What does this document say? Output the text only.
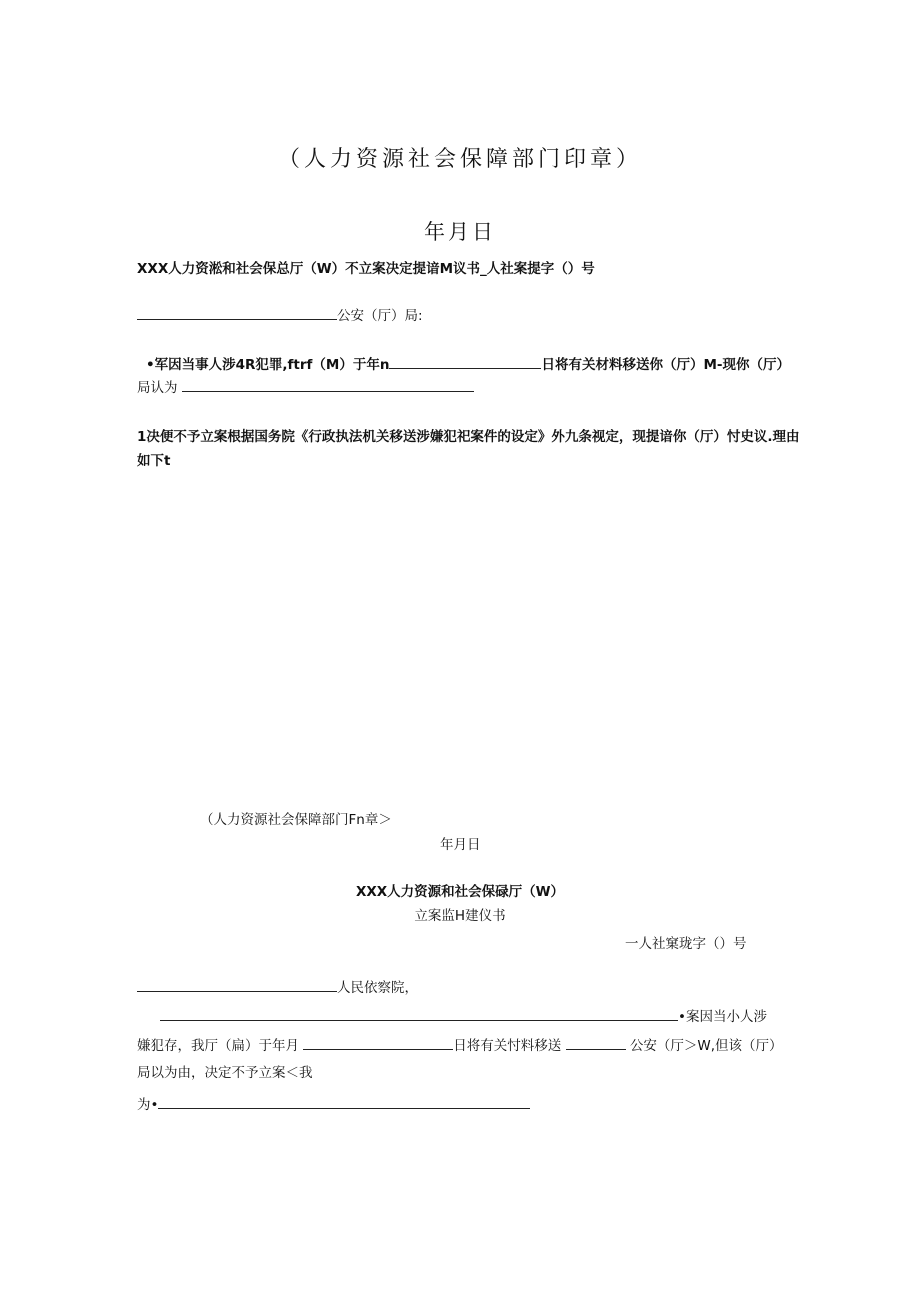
（人力资源社会保障部门印章）
年月日
XXX人力资淞和社会保总厅（W）不立案决定提谙M议书_人社案提字（）号
公安（厅）局:
•军因当事人涉4R犯罪,ftrf（M）于年n	日将有关材料移送你（厅）M-现你（厅）
局认为
1决便不予立案根据国务院《行政执法机关移送涉嫌犯祀案件的设定》外九条视定，现提谙你（厅）忖史议.理由
如下t
（人力资源社会保障部门Fn章＞
年月日
XXX人力资源和社会保碌厅（W）
立案监H建仪书
一人社窠珑字（）号
人民依察院，
•案因当小人涉
嫌犯存，我厅（扁）于年月	日将有关忖料移送	公安（厅＞W,但该（厅）
局以为由，决定不予立案＜我
为•
